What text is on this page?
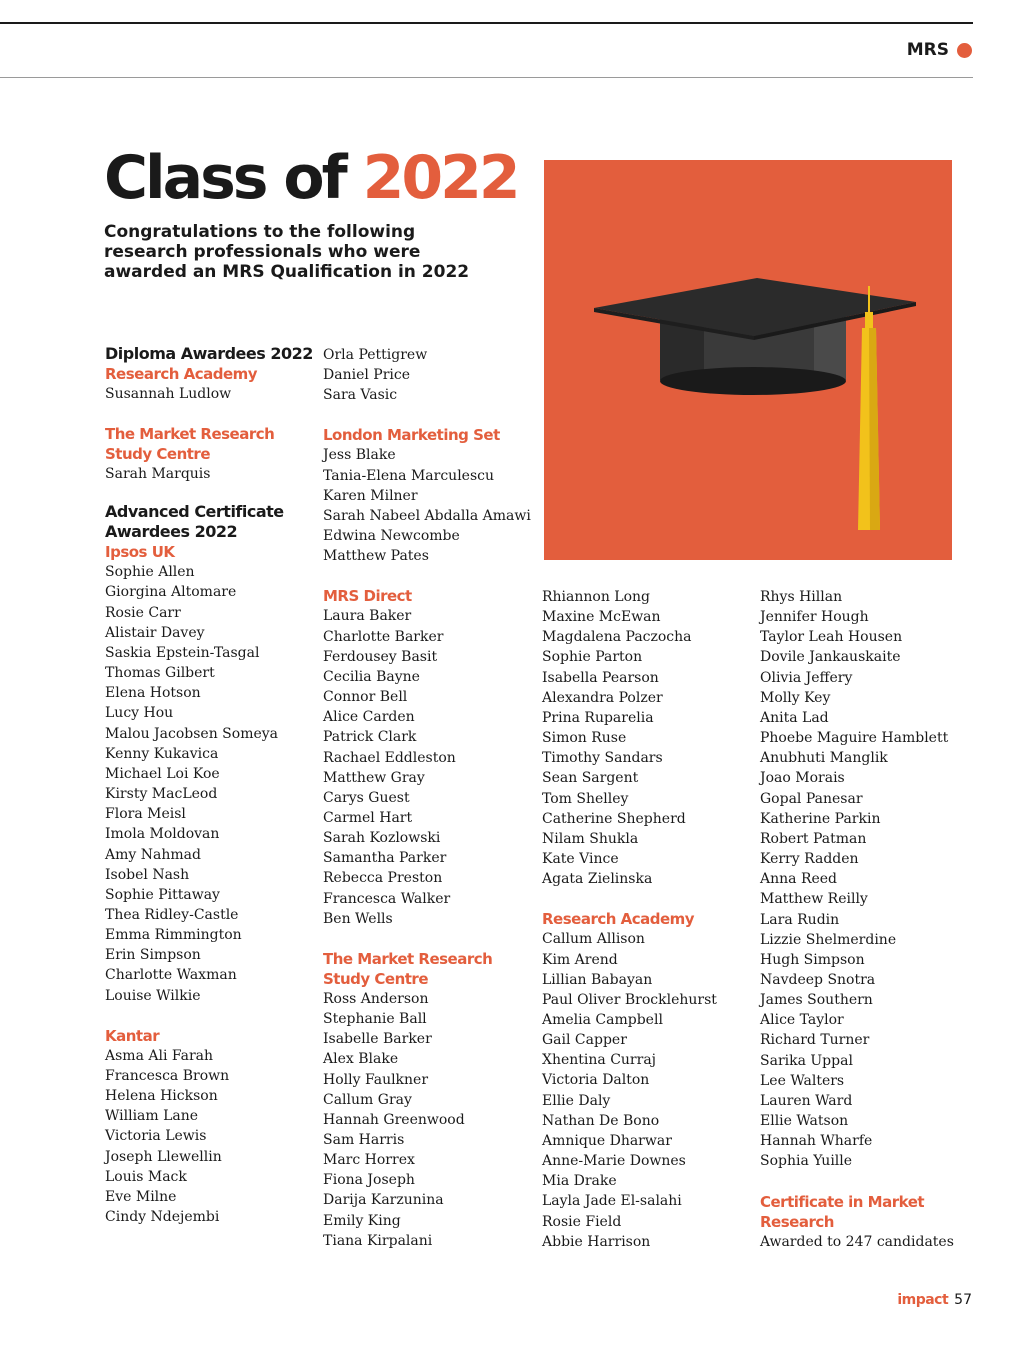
MRS
Class of 2022

Congratulations to the following research professionals who were awarded an MRS Qualification in 2022

Diploma Awardees 2022
Research Academy
Susannah Ludlow
The Market Research Study Centre
Sarah Marquis
Advanced Certificate Awardees 2022
Ipsos UK
Sophie Allen
Giorgina Altomare
Rosie Carr
Alistair Davey
Saskia Epstein-Tasgal
Thomas Gilbert
Elena Hotson
Lucy Hou
Malou Jacobsen Someya
Kenny Kukavica
Michael Loi Koe
Kirsty MacLeod
Flora Meisl
Imola Moldovan
Amy Nahmad
Isobel Nash
Sophie Pittaway
Thea Ridley-Castle
Emma Rimmington
Erin Simpson
Charlotte Waxman
Louise Wilkie
Kantar
Asma Ali Farah
Francesca Brown
Helena Hickson
William Lane
Victoria Lewis
Joseph Llewellin
Louis Mack
Eve Milne
Cindy Ndejembi
Orla Pettigrew
Daniel Price
Sara Vasic
London Marketing Set
Jess Blake
Tania-Elena Marculescu
Karen Milner
Sarah Nabeel Abdalla Amawi
Edwina Newcombe
Matthew Pates
MRS Direct
Laura Baker
Charlotte Barker
Ferdousey Basit
Cecilia Bayne
Connor Bell
Alice Carden
Patrick Clark
Rachael Eddleston
Matthew Gray
Carys Guest
Carmel Hart
Sarah Kozlowski
Samantha Parker
Rebecca Preston
Francesca Walker
Ben Wells
The Market Research Study Centre
Ross Anderson
Stephanie Ball
Isabelle Barker
Alex Blake
Holly Faulkner
Callum Gray
Hannah Greenwood
Sam Harris
Marc Horrex
Fiona Joseph
Darija Karzunina
Emily King
Tiana Kirpalani
Rhiannon Long
Maxine McEwan
Magdalena Paczocha
Sophie Parton
Isabella Pearson
Alexandra Polzer
Prina Ruparelia
Simon Ruse
Timothy Sandars
Sean Sargent
Tom Shelley
Catherine Shepherd
Nilam Shukla
Kate Vince
Agata Zielinska
Research Academy
Callum Allison
Kim Arend
Lillian Babayan
Paul Oliver Brocklehurst
Amelia Campbell
Gail Capper
Xhentina Curraj
Victoria Dalton
Ellie Daly
Nathan De Bono
Amnique Dharwar
Anne-Marie Downes
Mia Drake
Layla Jade El-salahi
Rosie Field
Abbie Harrison
Rhys Hillan
Jennifer Hough
Taylor Leah Housen
Dovile Jankauskaite
Olivia Jeffery
Molly Key
Anita Lad
Phoebe Maguire Hamblett
Anubhuti Manglik
Joao Morais
Gopal Panesar
Katherine Parkin
Robert Patman
Kerry Radden
Anna Reed
Matthew Reilly
Lara Rudin
Lizzie Shelmerdine
Hugh Simpson
Navdeep Snotra
James Southern
Alice Taylor
Richard Turner
Sarika Uppal
Lee Walters
Lauren Ward
Ellie Watson
Hannah Wharfe
Sophia Yuille
Certificate in Market Research
Awarded to 247 candidates
impact 57
